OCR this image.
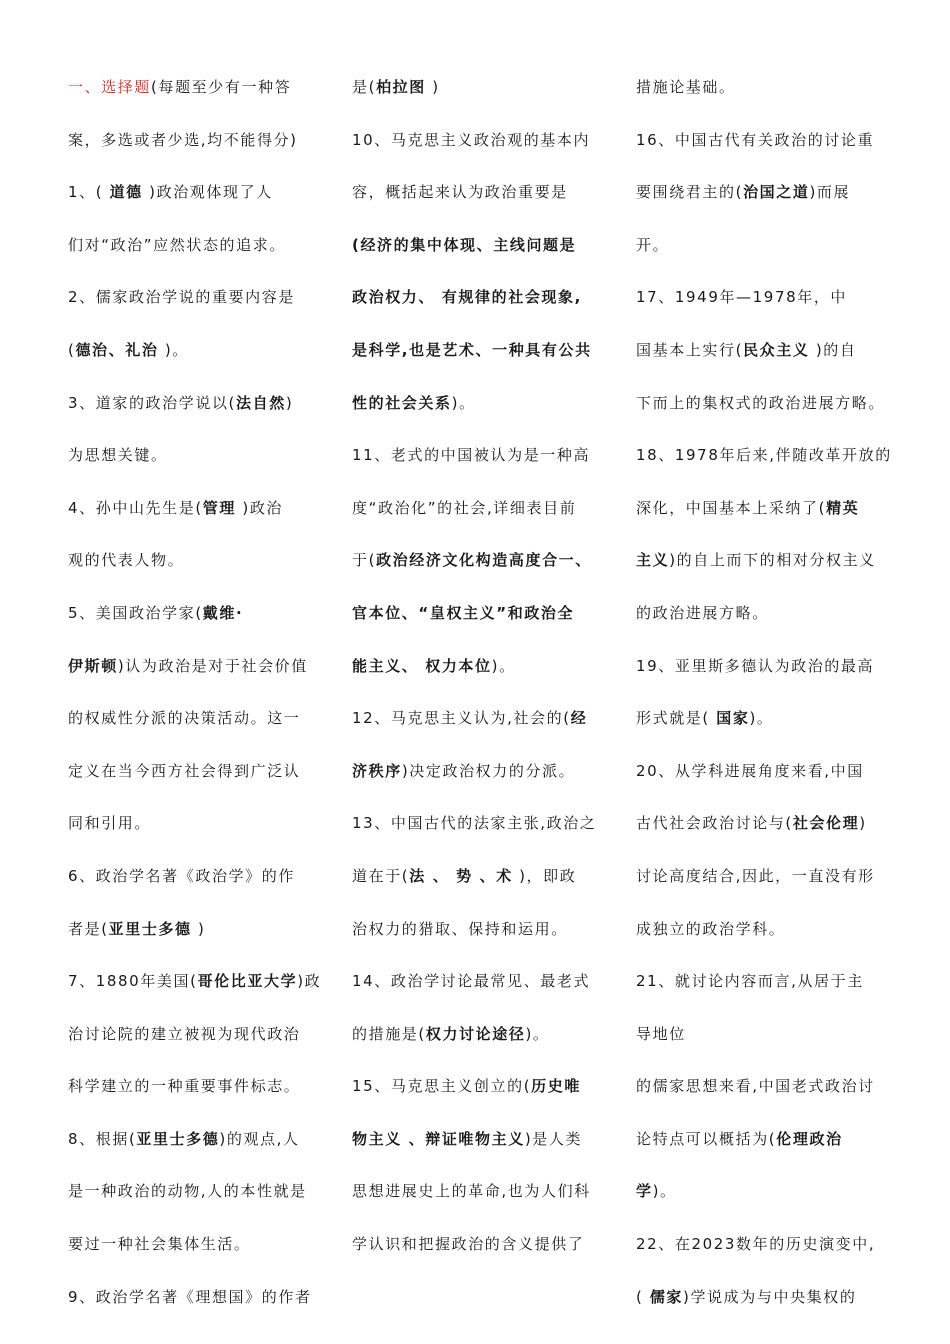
一、选择题(每题至少有一种答
案，多选或者少选,均不能得分)
1、( 道德 )政治观体现了人
们对“政治”应然状态的追求。
2、儒家政治学说的重要内容是
(德治、礼治 )。
3、道家的政治学说以(法自然)
为思想关键。
4、孙中山先生是(管理 )政治
观的代表人物。
5、美国政治学家(戴维·
伊斯顿)认为政治是对于社会价值
的权威性分派的决策活动。这一
定义在当今西方社会得到广泛认
同和引用。
6、政治学名著《政治学》的作
者是(亚里士多德 )
7、1880年美国(哥伦比亚大学)政
治讨论院的建立被视为现代政治
科学建立的一种重要事件标志。
8、根据(亚里士多德)的观点,人
是一种政治的动物,人的本性就是
要过一种社会集体生活。
9、政治学名著《理想国》的作者
是(柏拉图 )
10、马克思主义政治观的基本内
容，概括起来认为政治重要是
(经济的集中体现、主线问题是
政治权力、 有规律的社会现象,
是科学,也是艺术、一种具有公共
性的社会关系)。
11、老式的中国被认为是一种高
度“政治化”的社会,详细表目前
于(政治经济文化构造高度合一、
官本位、“皇权主义”和政治全
能主义、 权力本位)。
12、马克思主义认为,社会的(经
济秩序)决定政治权力的分派。
13、中国古代的法家主张,政治之
道在于(法 、 势 、术 )，即政
治权力的猎取、保持和运用。
14、政治学讨论最常见、最老式
的措施是(权力讨论途径)。
15、马克思主义创立的(历史唯
物主义 、辩证唯物主义)是人类
思想进展史上的革命,也为人们科
学认识和把握政治的含义提供了
措施论基础。
16、中国古代有关政治的讨论重
要围绕君主的(治国之道)而展
开。
17、1949年—1978年，中
国基本上实行(民众主义 )的自
下而上的集权式的政治进展方略。
18、1978年后来,伴随改革开放的
深化，中国基本上采纳了(精英
主义)的自上而下的相对分权主义
的政治进展方略。
19、亚里斯多德认为政治的最高
形式就是( 国家)。
20、从学科进展角度来看,中国
古代社会政治讨论与(社会伦理)
讨论高度结合,因此，一直没有形
成独立的政治学科。
21、就讨论内容而言,从居于主
导地位
的儒家思想来看,中国老式政治讨
论特点可以概括为(伦理政治
学)。
22、在2023数年的历史演变中,
( 儒家)学说成为与中央集权的
